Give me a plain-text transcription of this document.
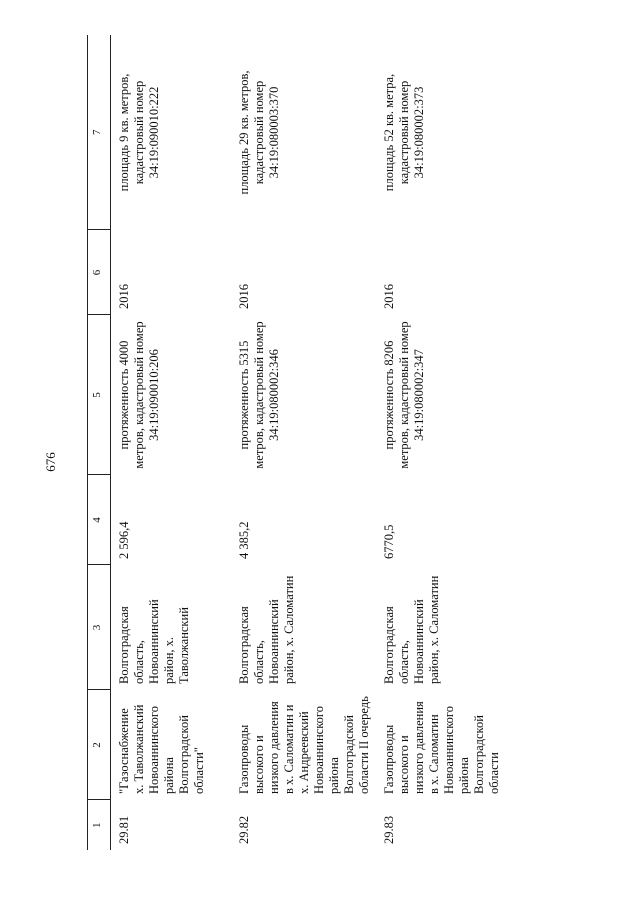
676
1	2	3	4	5	6	7
29.81	"Газоснабжение х. Таволжанский Новоаннинского района Волгоградской области"	Волгоградская область, Новоаннинский район, х. Таволжанский	2 596,4	протяженность 4000 метров, кадастровый номер 34:19:090010:206	2016	площадь 9 кв. метров, кадастровый номер 34:19:090010:222
29.82	Газопроводы высокого и низкого давления в х. Саломатин и х. Андреевский Новоаннинского района Волгоградской области II очередь	Волгоградская область, Новоаннинский район, х. Саломатин	4 385,2	протяженность 5315 метров, кадастровый номер 34:19:080002:346	2016	площадь 29 кв. метров, кадастровый номер 34:19:080003:370
29.83	Газопроводы высокого и низкого давления в х. Саломатин Новоаннинского района Волгоградской области	Волгоградская область, Новоаннинский район, х. Саломатин	6770,5	протяженность 8206 метров, кадастровый номер 34:19:080002:347	2016	площадь 52 кв. метра, кадастровый номер 34:19:080002:373
